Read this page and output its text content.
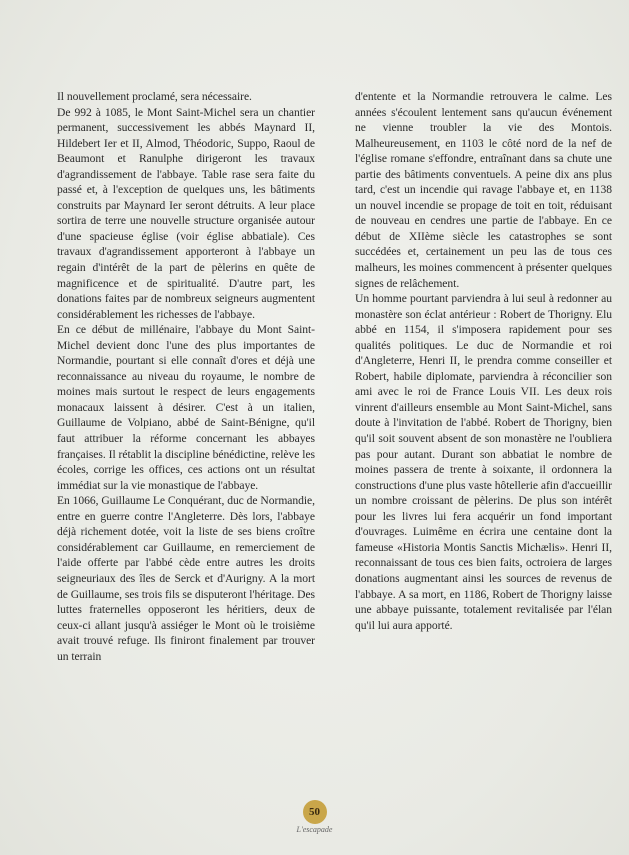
Il nouvellement proclamé, sera nécessaire.

De 992 à 1085, le Mont Saint-Michel sera un chantier permanent, successivement les abbés Maynard II, Hildebert Ier et II, Almod, Théodoric, Suppo, Raoul de Beaumont et Ranulphe dirigeront les travaux d'agrandissement de l'abbaye. Table rase sera faite du passé et, à l'exception de quelques uns, les bâtiments construits par Maynard Ier seront détruits. A leur place sortira de terre une nouvelle structure organisée autour d'une spacieuse église (voir église abbatiale). Ces travaux d'agrandissement apporteront à l'abbaye un regain d'intérêt de la part de pèlerins en quête de magnificence et de spiritualité. D'autre part, les donations faites par de nombreux seigneurs augmentent considérablement les richesses de l'abbaye.

En ce début de millénaire, l'abbaye du Mont Saint-Michel devient donc l'une des plus importantes de Normandie, pourtant si elle connaît d'ores et déjà une reconnaissance au niveau du royaume, le nombre de moines mais surtout le respect de leurs engagements monacaux laissent à désirer. C'est à un italien, Guillaume de Volpiano, abbé de Saint-Bénigne, qu'il faut attribuer la réforme concernant les abbayes françaises. Il rétablit la discipline bénédictine, relève les écoles, corrige les offices, ces actions ont un résultat immédiat sur la vie monastique de l'abbaye.

En 1066, Guillaume Le Conquérant, duc de Normandie, entre en guerre contre l'Angleterre. Dès lors, l'abbaye déjà richement dotée, voit la liste de ses biens croître considérablement car Guillaume, en remerciement de l'aide offerte par l'abbé cède entre autres les droits seigneuriaux des îles de Serck et d'Aurigny. A la mort de Guillaume, ses trois fils se disputeront l'héritage. Des luttes fraternelles opposeront les héritiers, deux de ceux-ci allant jusqu'à assiéger le Mont où le troisième avait trouvé refuge. Ils finiront finalement par trouver un terrain

d'entente et la Normandie retrouvera le calme. Les années s'écoulent lentement sans qu'aucun événement ne vienne troubler la vie des Montois. Malheureusement, en 1103 le côté nord de la nef de l'église romane s'effondre, entraînant dans sa chute une partie des bâtiments conventuels. A peine dix ans plus tard, c'est un incendie qui ravage l'abbaye et, en 1138 un nouvel incendie se propage de toit en toit, réduisant de nouveau en cendres une partie de l'abbaye. En ce début de XIIème siècle les catastrophes se sont succédées et, certainement un peu las de tous ces malheurs, les moines commencent à présenter quelques signes de relâchement.

Un homme pourtant parviendra à lui seul à redonner au monastère son éclat antérieur : Robert de Thorigny. Elu abbé en 1154, il s'imposera rapidement pour ses qualités politiques. Le duc de Normandie et roi d'Angleterre, Henri II, le prendra comme conseiller et Robert, habile diplomate, parviendra à réconcilier son ami avec le roi de France Louis VII. Les deux rois vinrent d'ailleurs ensemble au Mont Saint-Michel, sans doute à l'invitation de l'abbé. Robert de Thorigny, bien qu'il soit souvent absent de son monastère ne l'oubliera pas pour autant. Durant son abbatiat le nombre de moines passera de trente à soixante, il ordonnera la constructions d'une plus vaste hôtellerie afin d'accueillir un nombre croissant de pèlerins. De plus son intérêt pour les livres lui fera acquérir un fond important d'ouvrages. Luimême en écrira une centaine dont la fameuse «Historia Montis Sanctis Michælis». Henri II, reconnaissant de tous ces bien faits, octroiera de larges donations augmentant ainsi les sources de revenus de l'abbaye. A sa mort, en 1186, Robert de Thorigny laisse une abbaye puissante, totalement revitalisée par l'élan qu'il lui aura apporté.

50
L'escapade
